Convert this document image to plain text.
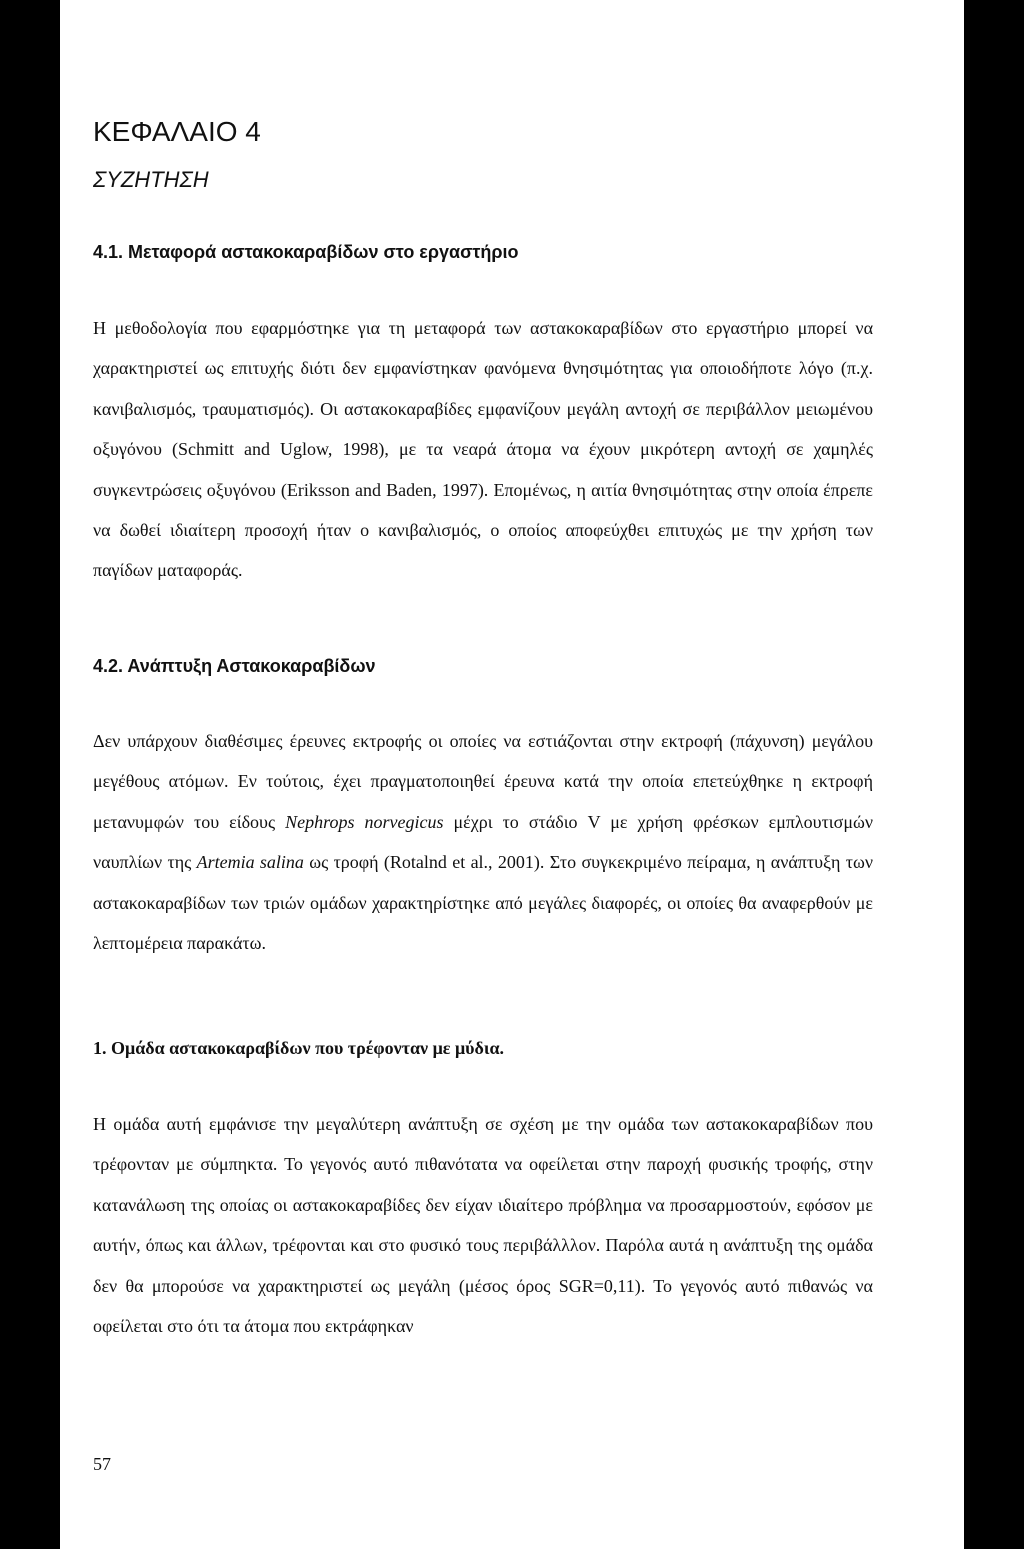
ΚΕΦΑΛΑΙΟ 4
ΣΥΖΗΤΗΣΗ
4.1. Μεταφορά αστακοκαραβίδων στο εργαστήριο

Η μεθοδολογία που εφαρμόστηκε για τη μεταφορά των αστακοκαραβίδων στο εργαστήριο μπορεί να χαρακτηριστεί ως επιτυχής διότι δεν εμφανίστηκαν φανόμενα θνησιμότητας για οποιοδήποτε λόγο (π.χ. κανιβαλισμός, τραυματισμός). Οι αστακοκαραβίδες εμφανίζουν μεγάλη αντοχή σε περιβάλλον μειωμένου οξυγόνου (Schmitt and Uglow, 1998), με τα νεαρά άτομα να έχουν μικρότερη αντοχή σε χαμηλές συγκεντρώσεις οξυγόνου (Eriksson and Baden, 1997). Επομένως, η αιτία θνησιμότητας στην οποία έπρεπε να δωθεί ιδιαίτερη προσοχή ήταν ο κανιβαλισμός, ο οποίος αποφεύχθει επιτυχώς με την χρήση των παγίδων ματαφοράς.

4.2. Ανάπτυξη Αστακοκαραβίδων

Δεν υπάρχουν διαθέσιμες έρευνες εκτροφής οι οποίες να εστιάζονται στην εκτροφή (πάχυνση) μεγάλου μεγέθους ατόμων. Εν τούτοις, έχει πραγματοποιηθεί έρευνα κατά την οποία επετεύχθηκε η εκτροφή μετανυμφών του είδους Nephrops norvegicus μέχρι το στάδιο V με χρήση φρέσκων εμπλουτισμών ναυπλίων της Artemia salina ως τροφή (Rotalnd et al., 2001). Στο συγκεκριμένο πείραμα, η ανάπτυξη των αστακοκαραβίδων των τριών ομάδων χαρακτηρίστηκε από μεγάλες διαφορές, οι οποίες θα αναφερθούν με λεπτομέρεια παρακάτω.

1. Ομάδα αστακοκαραβίδων που τρέφονταν με μύδια.

Η ομάδα αυτή εμφάνισε την μεγαλύτερη ανάπτυξη σε σχέση με την ομάδα των αστακοκαραβίδων που τρέφονταν με σύμπηκτα. Το γεγονός αυτό πιθανότατα να οφείλεται στην παροχή φυσικής τροφής, στην κατανάλωση της οποίας οι αστακοκαραβίδες δεν είχαν ιδιαίτερο πρόβλημα να προσαρμοστούν, εφόσον με αυτήν, όπως και άλλων, τρέφονται και στο φυσικό τους περιβάλλλον. Παρόλα αυτά η ανάπτυξη της ομάδα δεν θα μπορούσε να χαρακτηριστεί ως μεγάλη (μέσος όρος SGR=0,11). Το γεγονός αυτό πιθανώς να οφείλεται στο ότι τα άτομα που εκτράφηκαν

57
